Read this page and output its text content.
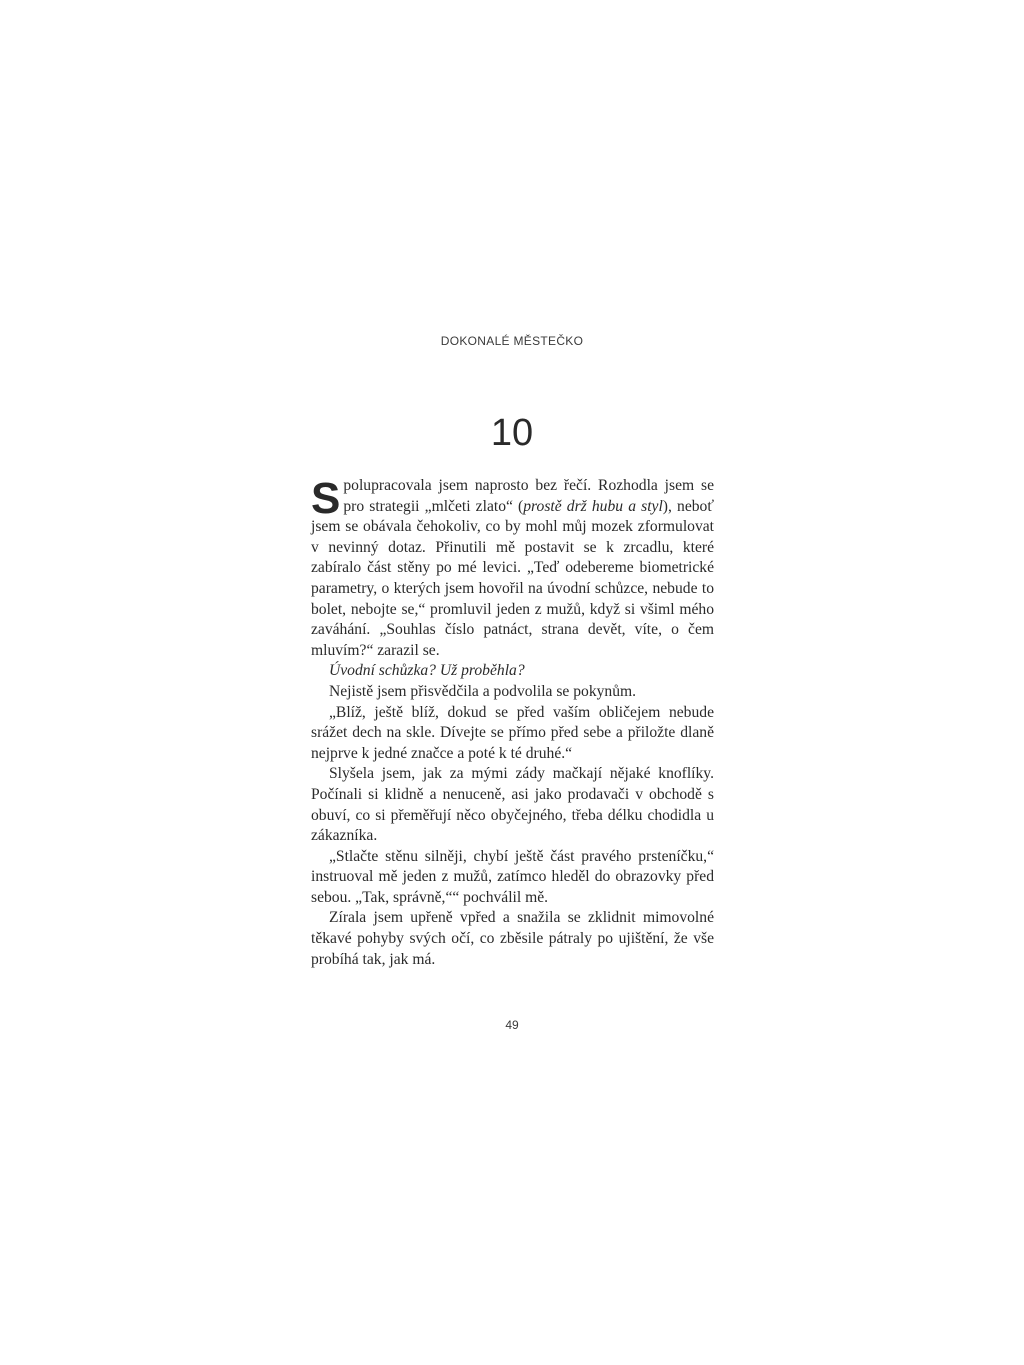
DOKONALÉ MĚSTEČKO
10

Spolupracovala jsem naprosto bez řečí. Rozhodla jsem se pro strategii „mlčeti zlato“ (prostě drž hubu a styl), neboť jsem se obávala čehokoliv, co by mohl můj mozek zformulovat v nevinný dotaz. Přinutili mě postavit se k zrcadlu, které zabíralo část stěny po mé levici. „Teď odebereme biometrické parametry, o kterých jsem hovořil na úvodní schůzce, nebude to bolet, nebojte se,“ promluvil jeden z mužů, když si všiml mého zaváhání. „Souhlas číslo patnáct, strana devět, víte, o čem mluvím?“ zarazil se.

Úvodní schůzka? Už proběhla?

Nejistě jsem přisvědčila a podvolila se pokynům.

„Blíž, ještě blíž, dokud se před vaším obličejem nebude srážet dech na skle. Dívejte se přímo před sebe a přiložte dlaně nejprve k jedné značce a poté k té druhé.“

Slyšela jsem, jak za mými zády mačkají nějaké knoflíky. Počínali si klidně a nenuceně, asi jako prodavači v obchodě s obuví, co si přeměřují něco obyčejného, třeba délku chodidla u zákazníka.

„Stlačte stěnu silněji, chybí ještě část pravého prsteníčku,“ instruoval mě jeden z mužů, zatímco hleděl do obrazovky před sebou. „Tak, správně,““ pochválil mě.

Zírala jsem upřeně vpřed a snažila se zklidnit mimovolné těkavé pohyby svých očí, co zběsile pátraly po ujištění, že vše probíhá tak, jak má.

49
